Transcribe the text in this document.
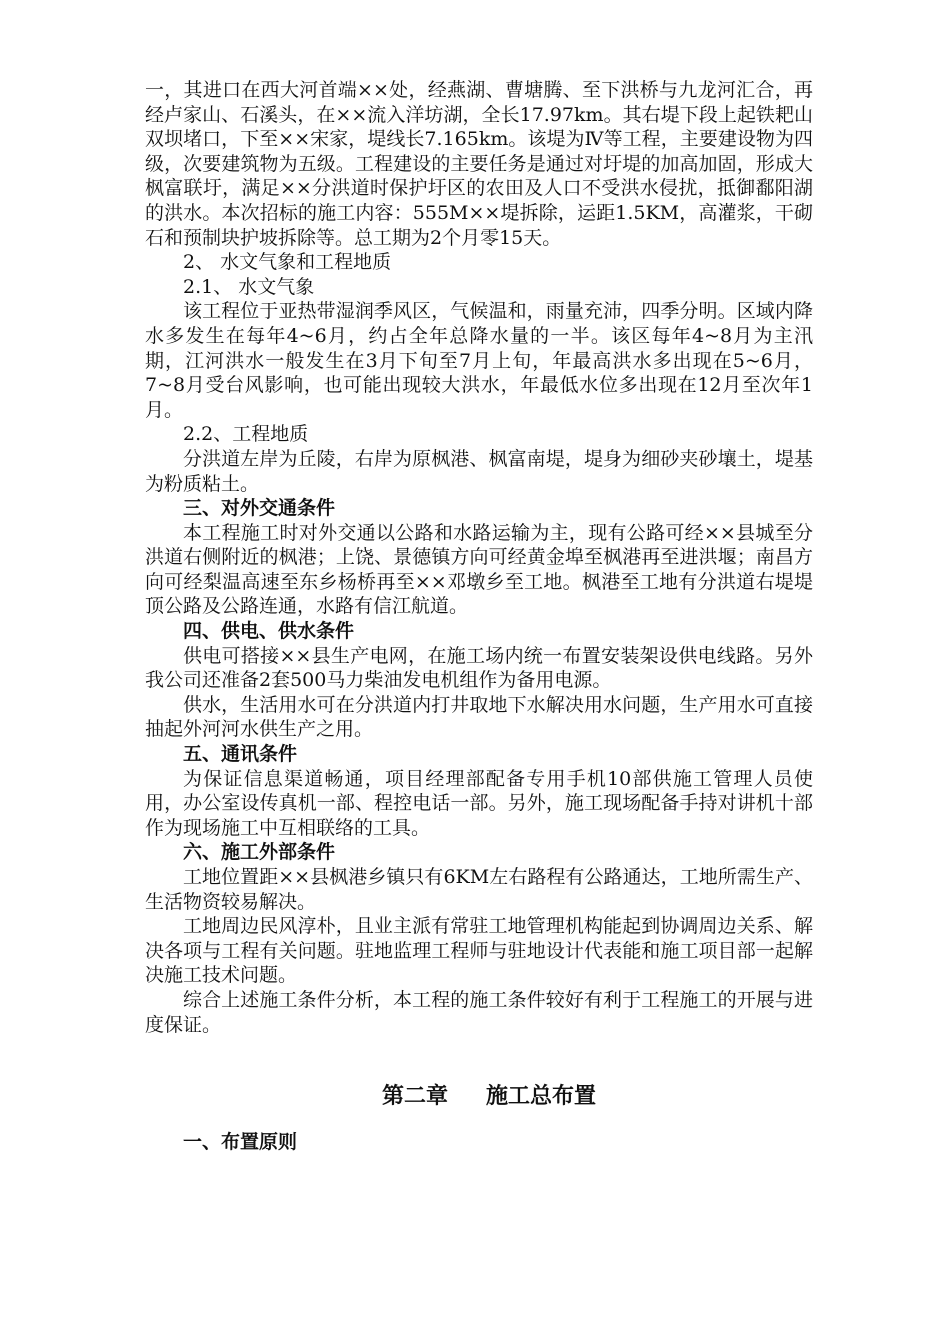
一，其进口在西大河首端××处，经燕湖、曹塘腾、至下洪桥与九龙河汇合，再经卢家山、石溪头，在××流入洋坊湖，全长17.97km。其右堤下段上起铁耙山双坝堵口，下至××宋家，堤线长7.165km。该堤为Ⅳ等工程，主要建设物为四级，次要建筑物为五级。工程建设的主要任务是通过对圩堤的加高加固，形成大枫富联圩，满足××分洪道时保护圩区的农田及人口不受洪水侵扰，抵御鄱阳湖的洪水。本次招标的施工内容：555M××堤拆除，运距1.5KM，高灌浆，干砌石和预制块护坡拆除等。总工期为2个月零15天。

2、 水文气象和工程地质

2.1、 水文气象

该工程位于亚热带湿润季风区，气候温和，雨量充沛，四季分明。区域内降水多发生在每年4~6月，约占全年总降水量的一半。该区每年4~8月为主汛期，江河洪水一般发生在3月下旬至7月上旬，年最高洪水多出现在5~6月，7~8月受台风影响，也可能出现较大洪水，年最低水位多出现在12月至次年1月。

2.2、工程地质

分洪道左岸为丘陵，右岸为原枫港、枫富南堤，堤身为细砂夹砂壤土，堤基为粉质粘土。

三、对外交通条件

本工程施工时对外交通以公路和水路运输为主，现有公路可经××县城至分洪道右侧附近的枫港；上饶、景德镇方向可经黄金埠至枫港再至进洪堰；南昌方向可经梨温高速至东乡杨桥再至××邓墩乡至工地。枫港至工地有分洪道右堤堤顶公路及公路连通，水路有信江航道。

四、供电、供水条件

供电可搭接××县生产电网，在施工场内统一布置安装架设供电线路。另外我公司还准备2套500马力柴油发电机组作为备用电源。

供水，生活用水可在分洪道内打井取地下水解决用水问题，生产用水可直接抽起外河河水供生产之用。

五、通讯条件

为保证信息渠道畅通，项目经理部配备专用手机10部供施工管理人员使用，办公室设传真机一部、程控电话一部。另外，施工现场配备手持对讲机十部作为现场施工中互相联络的工具。

六、施工外部条件

工地位置距××县枫港乡镇只有6KM左右路程有公路通达，工地所需生产、生活物资较易解决。

工地周边民风淳朴，且业主派有常驻工地管理机构能起到协调周边关系、解决各项与工程有关问题。驻地监理工程师与驻地设计代表能和施工项目部一起解决施工技术问题。

综合上述施工条件分析，本工程的施工条件较好有利于工程施工的开展与进度保证。

第二章 施工总布置

一、布置原则
